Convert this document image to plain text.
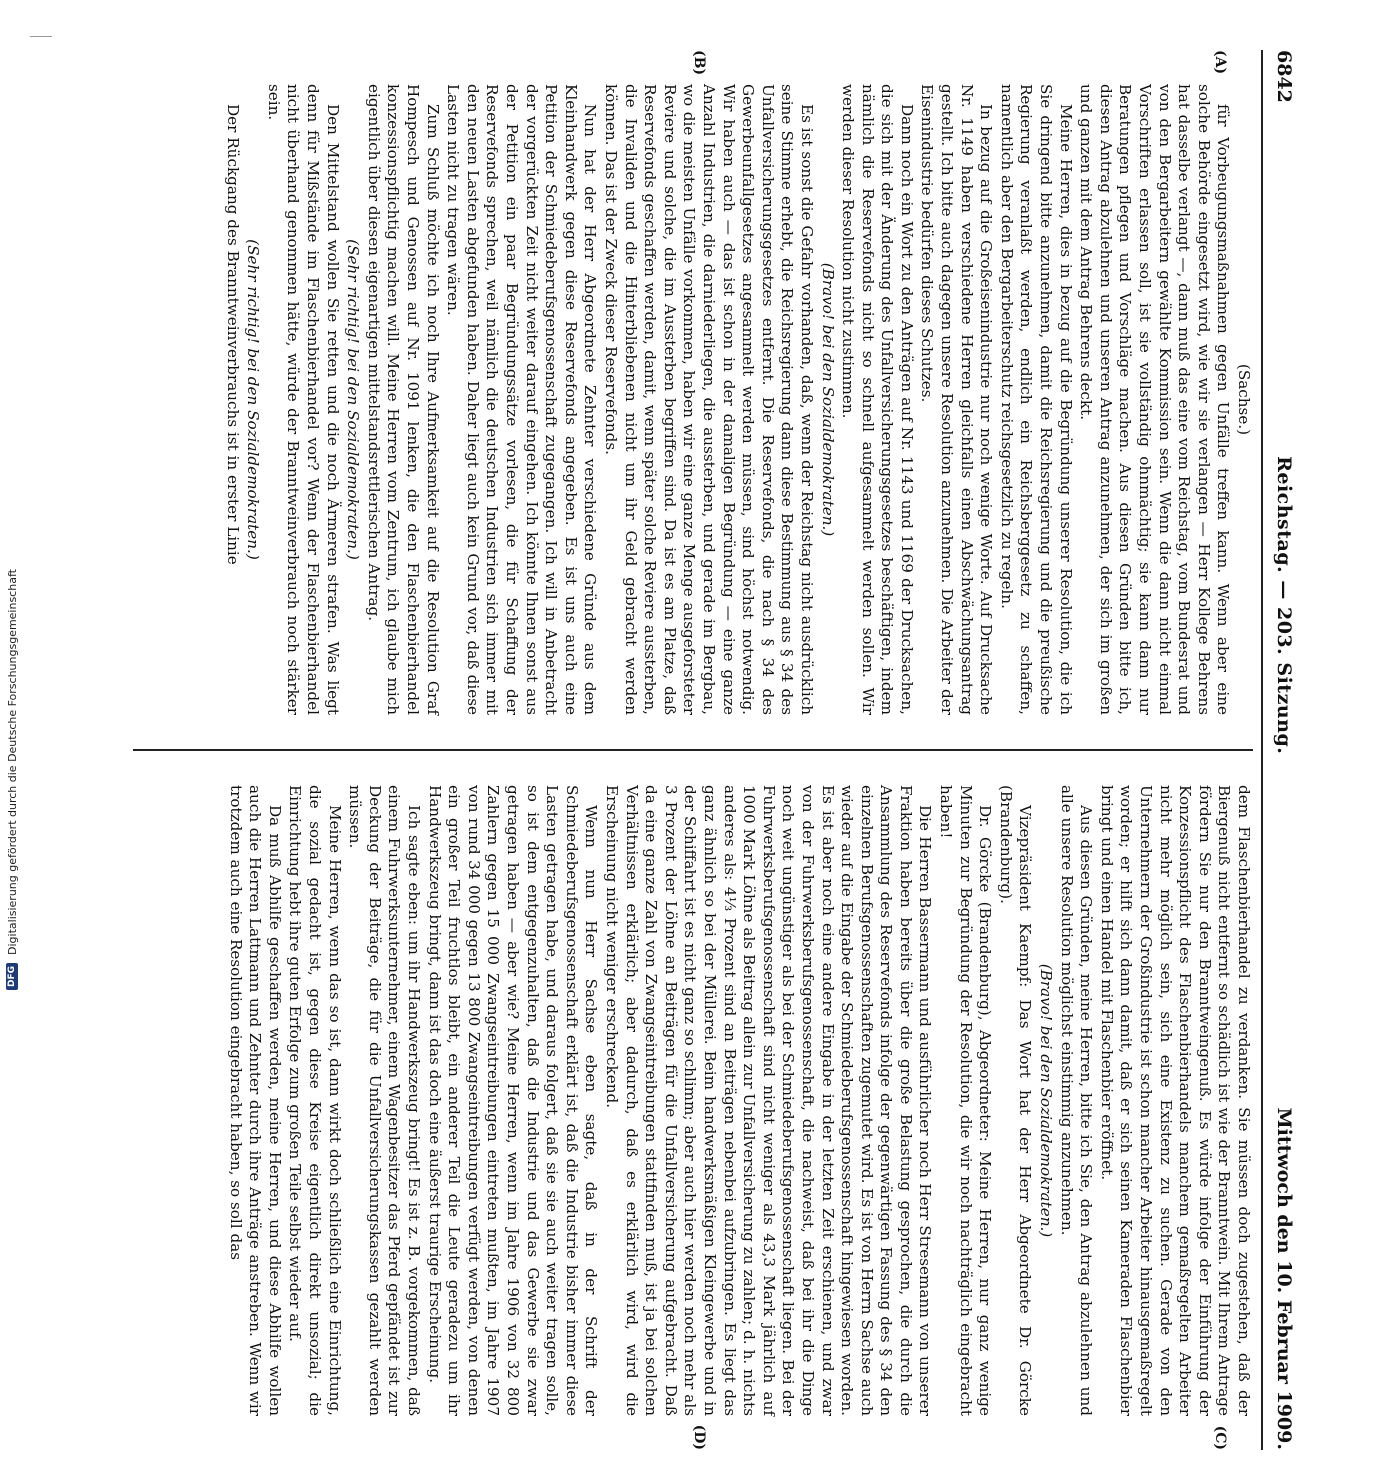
DFG
Digitalisierung gefördert durch die Deutsche Forschungsgemeinschaft
6842
Reichstag. — 203. Sitzung.
Mittwoch den 10. Februar 1909.
(A)
(B)

(Sachse.)

für Vorbeugungsmaßnahmen gegen Unfälle treffen kann. Wenn aber eine solche Behörde eingesetzt wird, wie wir sie verlangen — Herr Kollege Behrens hat dasselbe verlangt —, dann muß das eine vom Reichstag, vom Bundesrat und von den Bergarbeitern gewählte Kommission sein. Wenn die dann nicht einmal Vorschriften erlassen soll, ist sie vollständig ohnmächtig; sie kann dann nur Beratungen pflegen und Vorschläge machen. Aus diesen Gründen bitte ich, diesen Antrag abzulehnen und unseren Antrag anzunehmen, der sich im großen und ganzen mit dem Antrag Behrens deckt.

Meine Herren, dies in bezug auf die Begründung unserer Resolution, die ich Sie dringend bitte anzunehmen, damit die Reichsregierung und die preußische Regierung veranlaßt werden, endlich ein Reichsberggesetz zu schaffen, namentlich aber den Bergarbeiterschutz reichsgesetzlich zu regeln.

In bezug auf die Großeisenindustrie nur noch wenige Worte. Auf Drucksache Nr. 1149 haben verschiedene Herren gleichfalls einen Abschwächungsantrag gestellt. Ich bitte auch dagegen unsere Resolution anzunehmen. Die Arbeiter der Eisenindustrie bedürfen dieses Schutzes.

Dann noch ein Wort zu den Anträgen auf Nr. 1143 und 1169 der Drucksachen, die sich mit der Änderung des Unfallversicherungsgesetzes beschäftigen, indem nämlich die Reservefonds nicht so schnell aufgesammelt werden sollen. Wir werden dieser Resolution nicht zustimmen.

(Bravo! bei den Sozialdemokraten.)

Es ist sonst die Gefahr vorhanden, daß, wenn der Reichstag nicht ausdrücklich seine Stimme erhebt, die Reichsregierung dann diese Bestimmung aus § 34 des Unfallversicherungsgesetzes entfernt. Die Reservefonds, die nach § 34 des Gewerbeunfallgesetzes angesammelt werden müssen, sind höchst notwendig. Wir haben auch — das ist schon in der damaligen Begründung — eine ganze Anzahl Industrien, die darniederliegen, die aussterben, und gerade im Bergbau, wo die meisten Unfälle vorkommen, haben wir eine ganze Menge ausgeforsteter Reviere und solche, die im Aussterben begriffen sind. Da ist es am Platze, daß Reservefonds geschaffen werden, damit, wenn später solche Reviere aussterben, die Invaliden und die Hinterbliebenen nicht um ihr Geld gebracht werden können. Das ist der Zweck dieser Reservefonds.

Nun hat der Herr Abgeordnete Zehnter verschiedene Gründe aus dem Kleinhandwerk gegen diese Reservefonds angegeben. Es ist uns auch eine Petition der Schmiedeberufsgenossenschaft zugegangen. Ich will in Anbetracht der vorgerückten Zeit nicht weiter darauf eingehen. Ich könnte Ihnen sonst aus der Petition ein paar Begründungssätze vorlesen, die für Schaffung der Reservefonds sprechen, weil nämlich die deutschen Industrien sich immer mit den neuen Lasten abgefunden haben. Daher liegt auch kein Grund vor, daß diese Lasten nicht zu tragen wären.

Zum Schluß möchte ich noch Ihre Aufmerksamkeit auf die Resolution Graf Hompesch und Genossen auf Nr. 1091 lenken, die den Flaschenbierhandel konzessionspflichtig machen will. Meine Herren vom Zentrum, ich glaube mich eigentlich über diesen eigenartigen mittelstandsrettlerischen Antrag.

(Sehr richtig! bei den Sozialdemokraten.)

Den Mittelstand wollen Sie retten und die noch Ärmeren strafen. Was liegt denn für Mißstände im Flaschenbierhandel vor? Wenn der Flaschenbierhandel nicht überhand genommen hätte, würde der Branntweinverbrauch noch stärker sein.

(Sehr richtig! bei den Sozialdemokraten.)

Der Rückgang des Branntweinverbrauchs ist in erster Linie

(C)
(D)

dem Flaschenbierhandel zu verdanken. Sie müssen doch zugestehen, daß der Biergenuß nicht entfernt so schädlich ist wie der Branntwein. Mit Ihrem Antrage fördern Sie nur den Branntweingenuß. Es würde infolge der Einführung der Konzessionspflicht des Flaschenbierhandels manchem gemaßregelten Arbeiter nicht mehr möglich sein, sich eine Existenz zu suchen. Gerade von den Unternehmern der Großindustrie ist schon mancher Arbeiter hinausgemaßregelt worden; er hilft sich dann damit, daß er sich seinen Kameraden Flaschenbier bringt und einen Handel mit Flaschenbier eröffnet.

Aus diesen Gründen, meine Herren, bitte ich Sie, den Antrag abzulehnen und alle unsere Resolution möglichst einstimmig anzunehmen.

(Bravo! bei den Sozialdemokraten.)

Vizepräsident Kaempf: Das Wort hat der Herr Abgeordnete Dr. Görcke (Brandenburg).

Dr. Görcke (Brandenburg), Abgeordneter: Meine Herren, nur ganz wenige Minuten zur Begründung der Resolution, die wir noch nachträglich eingebracht haben!

Die Herren Bassermann und ausführlicher noch Herr Stresemann von unserer Fraktion haben bereits über die große Belastung gesprochen, die durch die Ansammlung des Reservefonds infolge der gegenwärtigen Fassung des § 34 den einzelnen Berufsgenossenschaften zugemutet wird. Es ist von Herrn Sachse auch wieder auf die Eingabe der Schmiedeberufsgenossenschaft hingewiesen worden. Es ist aber noch eine andere Eingabe in der letzten Zeit erschienen, und zwar von der Fuhrwerksberufsgenossenschaft, die nachweist, daß bei ihr die Dinge noch weit ungünstiger als bei der Schmiedeberufsgenossenschaft liegen. Bei der Fuhrwerksberufsgenossenschaft sind nicht weniger als 43,3 Mark jährlich auf 1000 Mark Löhne als Beitrag allein zur Unfallversicherung zu zahlen; d. h. nichts anderes als: 4⅓ Prozent sind an Beiträgen nebenbei aufzubringen. Es liegt das ganz ähnlich so bei der Müllerei. Beim handwerksmäßigen Kleingewerbe und in der Schiffahrt ist es nicht ganz so schlimm; aber auch hier werden noch mehr als 3 Prozent der Löhne an Beiträgen für die Unfallversicherung aufgebracht. Daß da eine ganze Zahl von Zwangseintreibungen stattfinden muß, ist ja bei solchen Verhältnissen erklärlich; aber dadurch, daß es erklärlich wird, wird die Erscheinung nicht weniger erschreckend.

Wenn nun Herr Sachse eben sagte, daß in der Schrift der Schmiedeberufsgenossenschaft erklärt ist, daß die Industrie bisher immer diese Lasten getragen habe, und daraus folgert, daß sie sie auch weiter tragen solle, so ist dem entgegenzuhalten, daß die Industrie und das Gewerbe sie zwar getragen haben — aber wie? Meine Herren, wenn im Jahre 1906 von 32 800 Zahlern gegen 15 000 Zwangseintreibungen eintreten mußten, im Jahre 1907 von rund 34 000 gegen 13 800 Zwangseintreibungen verfügt werden, von denen ein großer Teil fruchtlos bleibt, ein anderer Teil die Leute geradezu um ihr Handwerkszeug bringt, dann ist das doch eine äußerst traurige Erscheinung.

Ich sagte eben: um ihr Handwerkszeug bringt! Es ist z. B. vorgekommen, daß einem Fuhrwerksunternehmer, einem Wagenbesitzer das Pferd gepfändet ist zur Deckung der Beiträge, die für die Unfallversicherungskassen gezahlt werden müssen.

Meine Herren, wenn das so ist, dann wirkt doch schließlich eine Einrichtung, die sozial gedacht ist, gegen diese Kreise eigentlich direkt unsozial; die Einrichtung hebt ihre guten Erfolge zum großen Teile selbst wieder auf.

Da muß Abhilfe geschaffen werden, meine Herren, und diese Abhilfe wollen auch die Herren Lattmann und Zehnter durch ihre Anträge anstreben. Wenn wir trotzdem auch eine Resolution eingebracht haben, so soll das
